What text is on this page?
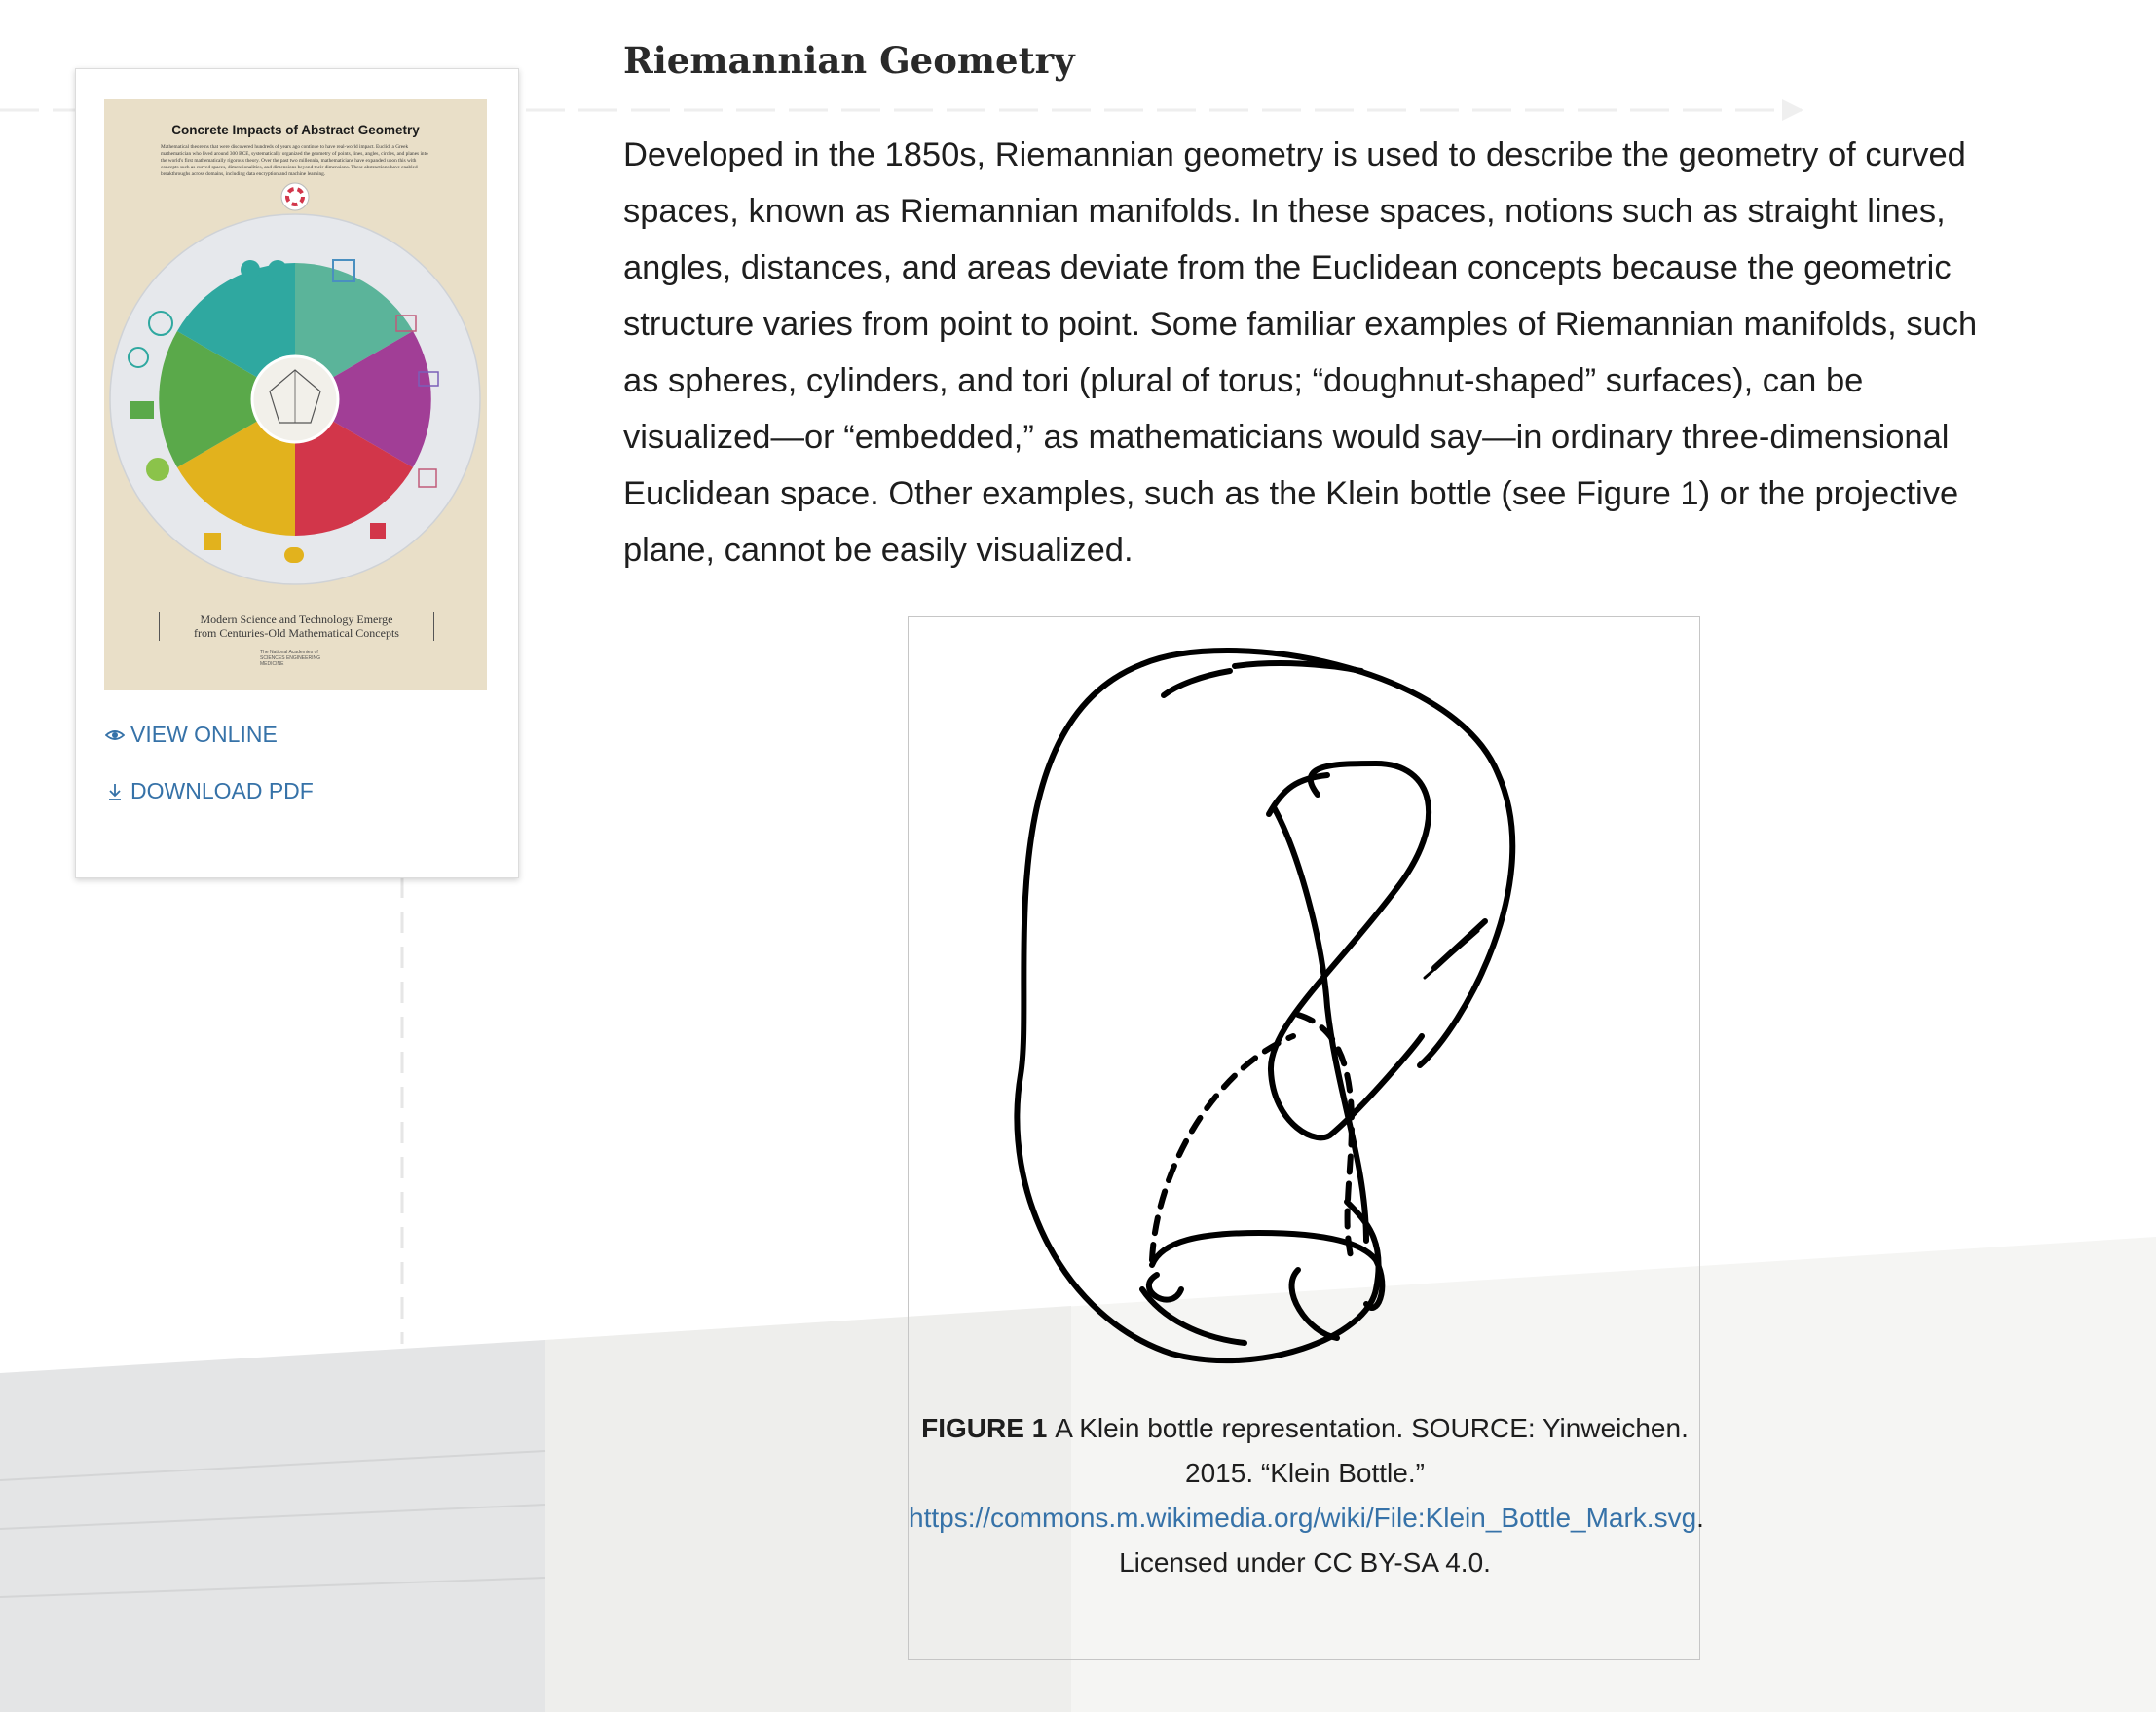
Concrete Impacts of Abstract Geometry
Mathematical theorems that were discovered hundreds of years ago continue to have real-world impact. Euclid, a Greek mathematician who lived around 300 BCE, systematically organized the geometry of points, lines, angles, circles, and planes into the world's first mathematically rigorous theory. Over the past two millennia, mathematicians have expanded upon this with concepts such as curved spaces, dimensionalities, and dimensions beyond their dimensions. These abstractions have enabled breakthroughs across domains, including data encryption and machine learning.
Modern Science and Technology Emerge
from Centuries-Old Mathematical Concepts
The National Academies of SCIENCES ENGINEERING MEDICINE
VIEW ONLINE
DOWNLOAD PDF
Riemannian Geometry

Developed in the 1850s, Riemannian geometry is used to describe the geometry of curved spaces, known as Riemannian manifolds. In these spaces, notions such as straight lines, angles, distances, and areas deviate from the Euclidean concepts because the geometric structure varies from point to point. Some familiar examples of Riemannian manifolds, such as spheres, cylinders, and tori (plural of torus; “doughnut-shaped” surfaces), can be visualized—or “embedded,” as mathematicians would say—in ordinary three-dimensional Euclidean space. Other examples, such as the Klein bottle (see Figure 1) or the projective plane, cannot be easily visualized.

FIGURE 1 A Klein bottle representation. SOURCE: Yinweichen. 2015. “Klein Bottle.”
https://commons.m.wikimedia.org/wiki/File:Klein_Bottle_Mark.svg.
Licensed under CC BY-SA 4.0.
